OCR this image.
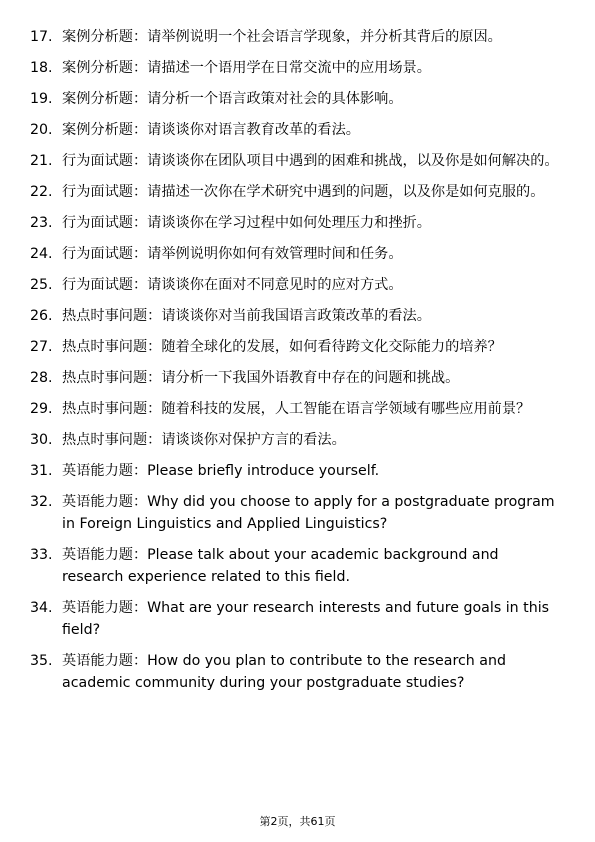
17. 案例分析题：请举例说明一个社会语言学现象，并分析其背后的原因。
18. 案例分析题：请描述一个语用学在日常交流中的应用场景。
19. 案例分析题：请分析一个语言政策对社会的具体影响。
20. 案例分析题：请谈谈你对语言教育改革的看法。
21. 行为面试题：请谈谈你在团队项目中遇到的困难和挑战，以及你是如何解决的。
22. 行为面试题：请描述一次你在学术研究中遇到的问题，以及你是如何克服的。
23. 行为面试题：请谈谈你在学习过程中如何处理压力和挫折。
24. 行为面试题：请举例说明你如何有效管理时间和任务。
25. 行为面试题：请谈谈你在面对不同意见时的应对方式。
26. 热点时事问题：请谈谈你对当前我国语言政策改革的看法。
27. 热点时事问题：随着全球化的发展，如何看待跨文化交际能力的培养？
28. 热点时事问题：请分析一下我国外语教育中存在的问题和挑战。
29. 热点时事问题：随着科技的发展，人工智能在语言学领域有哪些应用前景？
30. 热点时事问题：请谈谈你对保护方言的看法。
31. 英语能力题：Please briefly introduce yourself.
32. 英语能力题：Why did you choose to apply for a postgraduate program in Foreign Linguistics and Applied Linguistics?
33. 英语能力题：Please talk about your academic background and research experience related to this field.
34. 英语能力题：What are your research interests and future goals in this field?
35. 英语能力题：How do you plan to contribute to the research and academic community during your postgraduate studies?
第2页，共61页
